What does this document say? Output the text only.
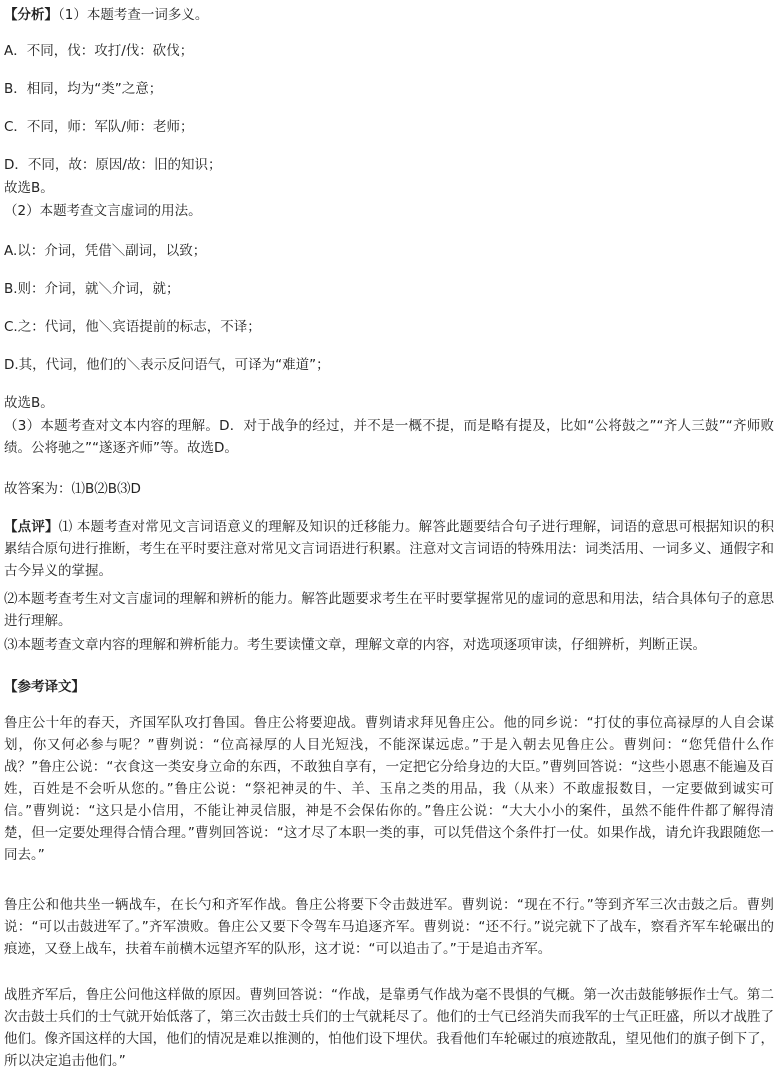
​
【分析】（1）本题考查一词多义。
A．不同，伐：攻打/伐：砍伐；
B．相同，均为“类”之意；
C．不同，师：军队/师：老师；
D．不同，故：原因/故：旧的知识；
故选B。
（2）本题考查文言虚词的用法。
A.以：介词，凭借＼副词，以致；
B.则：介词，就＼介词，就；
C.之：代词，他＼宾语提前的标志，不译；
D.其，代词，他们的＼表示反问语气，可译为“难道”；
故选B。
（3）本题考查对文本内容的理解。D．对于战争的经过，并不是一概不提，而是略有提及，比如“公将鼓之”“齐人三鼓”“齐师败绩。公将驰之”“遂逐齐师”等。故选D。
故答案为：⑴B⑵B⑶D
【点评】⑴ 本题考查对常见文言词语意义的理解及知识的迁移能力。解答此题要结合句子进行理解，词语的意思可根据知识的积累结合原句进行推断，考生在平时要注意对常见文言词语进行积累。注意对文言词语的特殊用法：词类活用、一词多义、通假字和古今异义的掌握。
⑵本题考查考生对文言虚词的理解和辨析的能力。解答此题要求考生在平时要掌握常见的虚词的意思和用法，结合具体句子的意思进行理解。
⑶本题考查文章内容的理解和辨析能力。考生要读懂文章，理解文章的内容，对选项逐项审读，仔细辨析，判断正误。
【参考译文】
鲁庄公十年的春天，齐国军队攻打鲁国。鲁庄公将要迎战。曹刿请求拜见鲁庄公。他的同乡说：“打仗的事位高禄厚的人自会谋划，你又何必参与呢？”曹刿说：“位高禄厚的人目光短浅，不能深谋远虑。”于是入朝去见鲁庄公。曹刿问：“您凭借什么作战？”鲁庄公说：“衣食这一类安身立命的东西，不敢独自享有，一定把它分给身边的大臣。”曹刿回答说：“这些小恩惠不能遍及百姓，百姓是不会听从您的。”鲁庄公说：“祭祀神灵的牛、羊、玉帛之类的用品，我（从来）不敢虚报数目，一定要做到诚实可信。”曹刿说：“这只是小信用，不能让神灵信服，神是不会保佑你的。”鲁庄公说：“大大小小的案件，虽然不能件件都了解得清楚，但一定要处理得合情合理。”曹刿回答说：“这才尽了本职一类的事，可以凭借这个条件打一仗。如果作战，请允许我跟随您一同去。”
鲁庄公和他共坐一辆战车，在长勺和齐军作战。鲁庄公将要下令击鼓进军。曹刿说：“现在不行。”等到齐军三次击鼓之后。曹刿说：“可以击鼓进军了。”齐军溃败。鲁庄公又要下令驾车马追逐齐军。曹刿说：“还不行。”说完就下了战车，察看齐军车轮碾出的痕迹，又登上战车，扶着车前横木远望齐军的队形，这才说：“可以追击了。”于是追击齐军。
战胜齐军后，鲁庄公问他这样做的原因。曹刿回答说：“作战，是靠勇气作战为毫不畏惧的气概。第一次击鼓能够振作士气。第二次击鼓士兵们的士气就开始低落了，第三次击鼓士兵们的士气就耗尽了。他们的士气已经消失而我军的士气正旺盛，所以才战胜了他们。像齐国这样的大国，他们的情况是难以推测的，怕他们设下埋伏。我看他们车轮碾过的痕迹散乱，望见他们的旗子倒下了，所以决定追击他们。”
